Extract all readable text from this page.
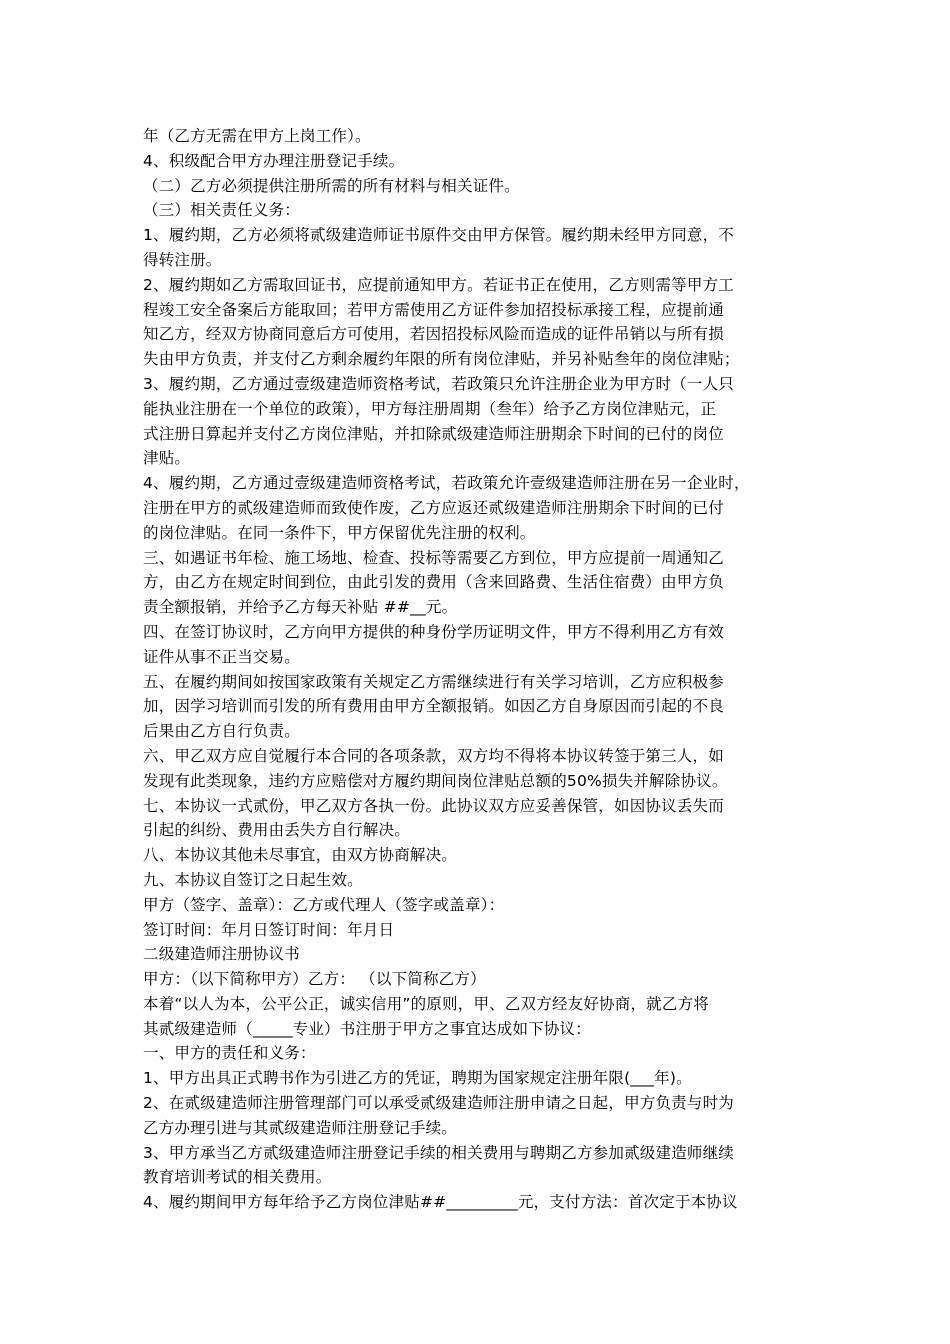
年（乙方无需在甲方上岗工作）。
4、积级配合甲方办理注册登记手续。
（二）乙方必须提供注册所需的所有材料与相关证件。
（三）相关责任义务：
1、履约期，乙方必须将贰级建造师证书原件交由甲方保管。履约期未经甲方同意，不
得转注册。
2、履约期如乙方需取回证书，应提前通知甲方。若证书正在使用，乙方则需等甲方工
程竣工安全备案后方能取回；若甲方需使用乙方证件参加招投标承接工程，应提前通
知乙方，经双方协商同意后方可使用，若因招投标风险而造成的证件吊销以与所有损
失由甲方负责，并支付乙方剩余履约年限的所有岗位津贴，并另补贴叁年的岗位津贴；
3、履约期，乙方通过壹级建造师资格考试，若政策只允许注册企业为甲方时（一人只
能执业注册在一个单位的政策），甲方每注册周期（叁年）给予乙方岗位津贴元，正
式注册日算起并支付乙方岗位津贴，并扣除贰级建造师注册期余下时间的已付的岗位
津贴。
4、履约期，乙方通过壹级建造师资格考试，若政策允许壹级建造师注册在另一企业时，
注册在甲方的贰级建造师而致使作废，乙方应返还贰级建造师注册期余下时间的已付
的岗位津贴。在同一条件下，甲方保留优先注册的权利。
三、如遇证书年检、施工场地、检查、投标等需要乙方到位，甲方应提前一周通知乙
方，由乙方在规定时间到位，由此引发的费用（含来回路费、生活住宿费）由甲方负
责全额报销，并给予乙方每天补贴 ##__元。
四、在签订协议时，乙方向甲方提供的种身份学历证明文件，甲方不得利用乙方有效
证件从事不正当交易。
五、在履约期间如按国家政策有关规定乙方需继续进行有关学习培训，乙方应积极参
加，因学习培训而引发的所有费用由甲方全额报销。如因乙方自身原因而引起的不良
后果由乙方自行负责。
六、甲乙双方应自觉履行本合同的各项条款，双方均不得将本协议转签于第三人，如
发现有此类现象，违约方应赔偿对方履约期间岗位津贴总额的50%损失并解除协议。
七、本协议一式贰份，甲乙双方各执一份。此协议双方应妥善保管，如因协议丢失而
引起的纠纷、费用由丢失方自行解决。
八、本协议其他未尽事宜，由双方协商解决。
九、本协议自签订之日起生效。
甲方（签字、盖章）：乙方或代理人（签字或盖章）：
签订时间：年月日签订时间：年月日
二级建造师注册协议书
甲方：（以下简称甲方）乙方： （以下简称乙方）
本着“以人为本，公平公正，诚实信用”的原则，甲、乙双方经友好协商，就乙方将
其贰级建造师（_____专业）书注册于甲方之事宜达成如下协议：
一、甲方的责任和义务：
1、甲方出具正式聘书作为引进乙方的凭证，聘期为国家规定注册年限(___年)。
2、在贰级建造师注册管理部门可以承受贰级建造师注册申请之日起，甲方负责与时为
乙方办理引进与其贰级建造师注册登记手续。
3、甲方承当乙方贰级建造师注册登记手续的相关费用与聘期乙方参加贰级建造师继续
教育培训考试的相关费用。
4、履约期间甲方每年给予乙方岗位津贴##_________元，支付方法：首次定于本协议
